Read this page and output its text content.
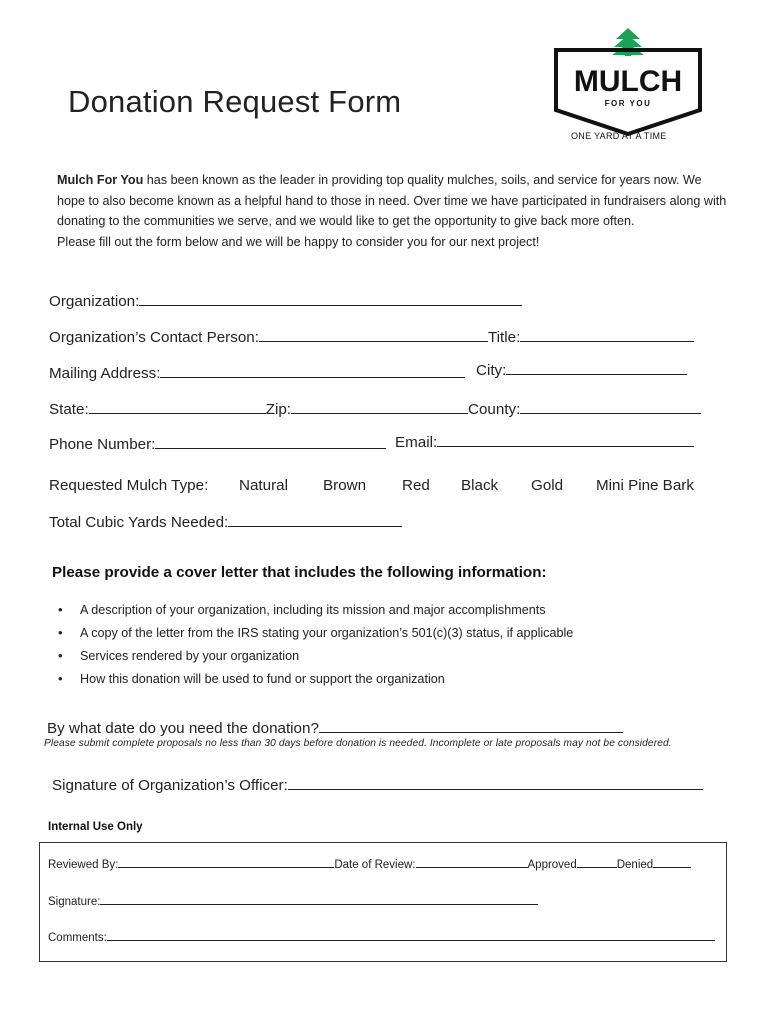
MULCH
FOR YOU
ONE YARD AT A TIME
Donation Request Form
Mulch For You has been known as the leader in providing top quality mulches, soils, and service for years now. We hope to also become known as a helpful hand to those in need. Over time we have participated in fundraisers along with donating to the communities we serve, and we would like to get the opportunity to give back more often.
Please fill out the form below and we will be happy to consider you for our next project!
Organization:
Organization’s Contact Person:	Title:
Mailing Address:	City:
State:	Zip:	County:
Phone Number:	Email:
Requested Mulch Type: Natural Brown Red Black Gold Mini Pine Bark
Total Cubic Yards Needed:
Please provide a cover letter that includes the following information:
• A description of your organization, including its mission and major accomplishments
• A copy of the letter from the IRS stating your organization’s 501(c)(3) status, if applicable
• Services rendered by your organization
• How this donation will be used to fund or support the organization
By what date do you need the donation?
Please submit complete proposals no less than 30 days before donation is needed. Incomplete or late proposals may not be considered.
Signature of Organization’s Officer:
Internal Use Only
Reviewed By:	Date of Review:	Approved	Denied
Signature:
Comments:
